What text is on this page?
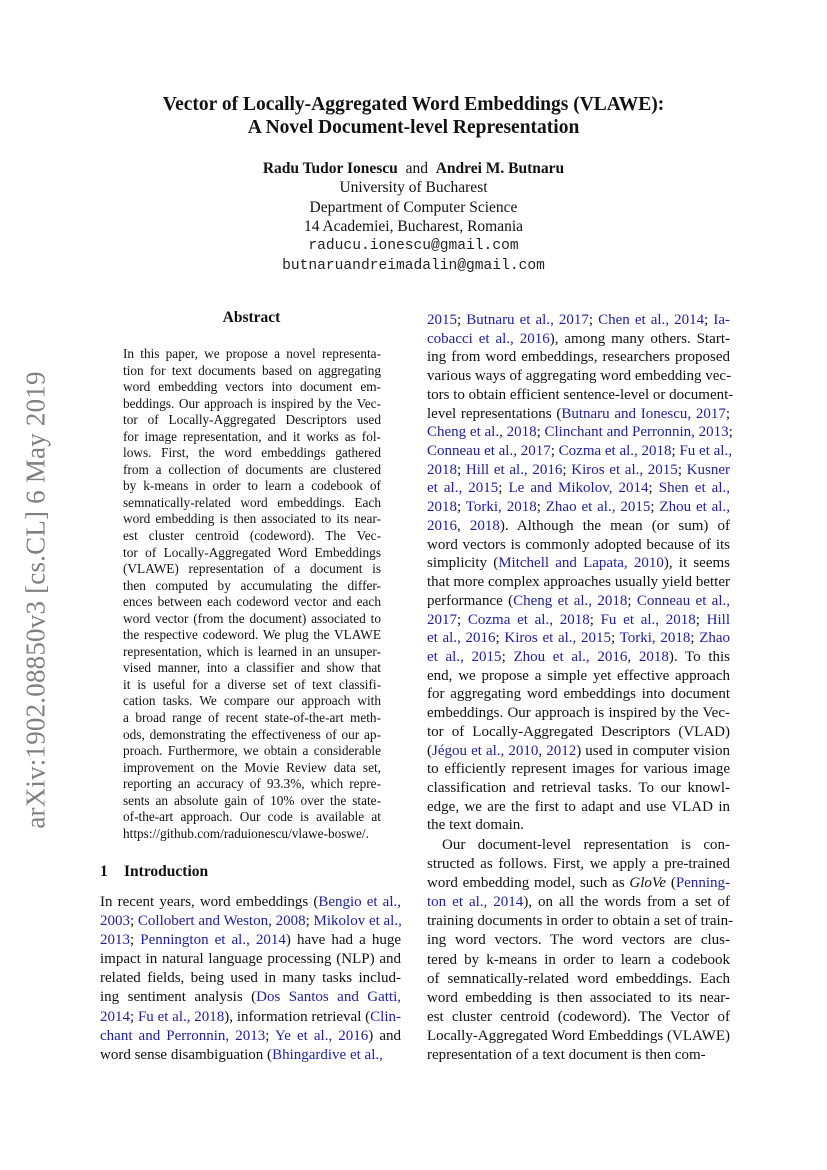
arXiv:1902.08850v3 [cs.CL] 6 May 2019
Vector of Locally-Aggregated Word Embeddings (VLAWE):
A Novel Document-level Representation
Radu Tudor Ionescu and Andrei M. Butnaru
University of Bucharest
Department of Computer Science
14 Academiei, Bucharest, Romania
raducu.ionescu@gmail.com
butnaruandreimadalin@gmail.com
Abstract
In this paper, we propose a novel representa-
tion for text documents based on aggregating
word embedding vectors into document em-
beddings. Our approach is inspired by the Vec-
tor of Locally-Aggregated Descriptors used
for image representation, and it works as fol-
lows. First, the word embeddings gathered
from a collection of documents are clustered
by k-means in order to learn a codebook of
semnatically-related word embeddings. Each
word embedding is then associated to its near-
est cluster centroid (codeword). The Vec-
tor of Locally-Aggregated Word Embeddings
(VLAWE) representation of a document is
then computed by accumulating the differ-
ences between each codeword vector and each
word vector (from the document) associated to
the respective codeword. We plug the VLAWE
representation, which is learned in an unsuper-
vised manner, into a classifier and show that
it is useful for a diverse set of text classifi-
cation tasks. We compare our approach with
a broad range of recent state-of-the-art meth-
ods, demonstrating the effectiveness of our ap-
proach. Furthermore, we obtain a considerable
improvement on the Movie Review data set,
reporting an accuracy of 93.3%, which repre-
sents an absolute gain of 10% over the state-
of-the-art approach. Our code is available at
https://github.com/raduionescu/vlawe-boswe/.
1 Introduction
In recent years, word embeddings (Bengio et al.,
2003; Collobert and Weston, 2008; Mikolov et al.,
2013; Pennington et al., 2014) have had a huge
impact in natural language processing (NLP) and
related fields, being used in many tasks includ-
ing sentiment analysis (Dos Santos and Gatti,
2014; Fu et al., 2018), information retrieval (Clin-
chant and Perronnin, 2013; Ye et al., 2016) and
word sense disambiguation (Bhingardive et al.,
2015; Butnaru et al., 2017; Chen et al., 2014; Ia-
cobacci et al., 2016), among many others. Start-
ing from word embeddings, researchers proposed
various ways of aggregating word embedding vec-
tors to obtain efficient sentence-level or document-
level representations (Butnaru and Ionescu, 2017;
Cheng et al., 2018; Clinchant and Perronnin, 2013;
Conneau et al., 2017; Cozma et al., 2018; Fu et al.,
2018; Hill et al., 2016; Kiros et al., 2015; Kusner
et al., 2015; Le and Mikolov, 2014; Shen et al.,
2018; Torki, 2018; Zhao et al., 2015; Zhou et al.,
2016, 2018). Although the mean (or sum) of
word vectors is commonly adopted because of its
simplicity (Mitchell and Lapata, 2010), it seems
that more complex approaches usually yield better
performance (Cheng et al., 2018; Conneau et al.,
2017; Cozma et al., 2018; Fu et al., 2018; Hill
et al., 2016; Kiros et al., 2015; Torki, 2018; Zhao
et al., 2015; Zhou et al., 2016, 2018). To this
end, we propose a simple yet effective approach
for aggregating word embeddings into document
embeddings. Our approach is inspired by the Vec-
tor of Locally-Aggregated Descriptors (VLAD)
(Jégou et al., 2010, 2012) used in computer vision
to efficiently represent images for various image
classification and retrieval tasks. To our knowl-
edge, we are the first to adapt and use VLAD in
the text domain.
Our document-level representation is con-
structed as follows. First, we apply a pre-trained
word embedding model, such as GloVe (Penning-
ton et al., 2014), on all the words from a set of
training documents in order to obtain a set of train-
ing word vectors. The word vectors are clus-
tered by k-means in order to learn a codebook
of semnatically-related word embeddings. Each
word embedding is then associated to its near-
est cluster centroid (codeword). The Vector of
Locally-Aggregated Word Embeddings (VLAWE)
representation of a text document is then com-
